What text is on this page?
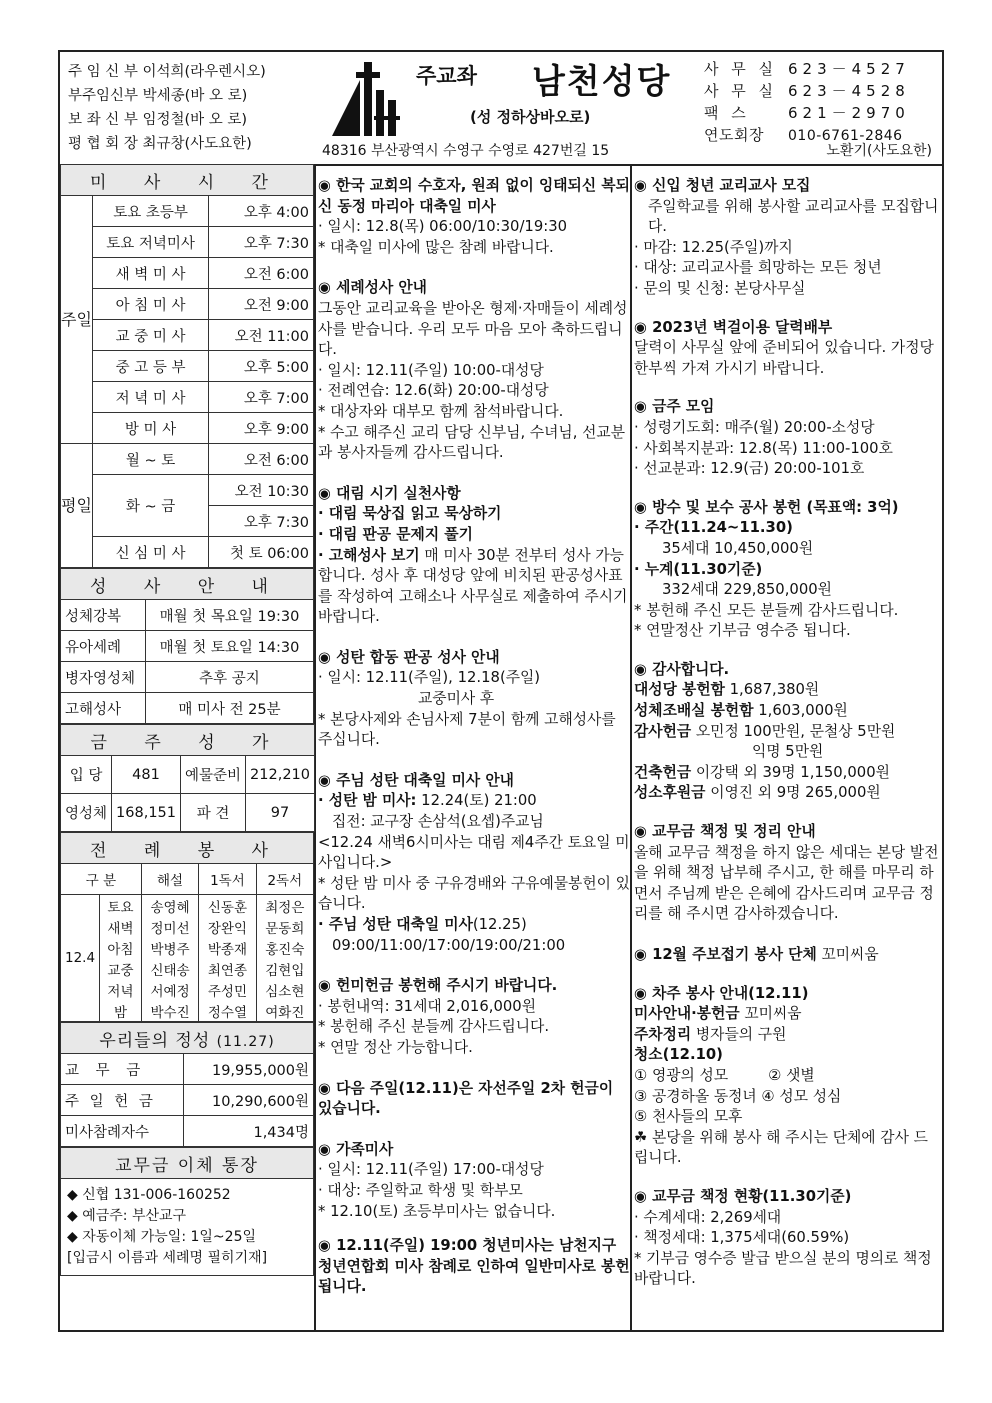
주 임 신 부 이석희(라우렌시오)
부주임신부 박세종(바 오 로)
보 좌 신 부 임정철(바 오 로)
평 협 회 장 최규창(사도요한)
주교좌 남천성당
(성 정하상바오로)
48316 부산광역시 수영구 수영로 427번길 15
사 무 실 623－4527
사 무 실 623－4528
팩 스	621－2970
연도회장 010-6761-2846
노환기(사도요한)
미 사 시 간		
주일	토요 초등부	오후 4:00
	토요 저녁미사	오후 7:30
	새 벽 미 사	오전 6:00
	아 침 미 사	오전 9:00
	교 중 미 사	오전 11:00
	중 고 등 부	오후 5:00
	저 녁 미 사	오후 7:00
	방 미 사	오후 9:00
평일	월 ~ 토	오전 6:00
	화 ~ 금	오전 10:30
		오후 7:30
	신 심 미 사	첫 토 06:00
성 사 안 내	
성체강복	매월 첫 목요일 19:30
유아세례	매월 첫 토요일 14:30
병자영성체	추후 공지
고해성사	매 미사 전 25분
금 주 성 가			
입 당	481	예물준비	212,210
영성체	168,151	파 견	97
전 례 봉 사				
구 분		해설	1독서	2독서
12.4	토요	송영혜	신동훈	최정은
	새벽	정미선	장완익	문동희
	아침	박병주	박종재	홍진숙
	교중	신태송	최연종	김현입
	저녁	서예정	주성민	심소현
	밤	박수진	정수열	여화진
우리들의 정성 (11.27)	
교 무 금	19,955,000원
주 일 헌 금	10,290,600원
미사참례자수	1,434명
교무금 이체 통장

◆ 신협 131-006-160252
◆ 예금주: 부산교구
◆ 자동이체 가능일: 1일~25일
[입금시 이름과 세례명 필히기재]
◉ 한국 교회의 수호자, 원죄 없이 잉태되신 복되신 동정 마리아 대축일 미사
· 일시: 12.8(목) 06:00/10:30/19:30
* 대축일 미사에 많은 참례 바랍니다.
◉ 세례성사 안내
그동안 교리교육을 받아온 형제·자매들이 세례성사를 받습니다. 우리 모두 마음 모아 축하드립니다.
· 일시: 12.11(주일) 10:00-대성당
· 전례연습: 12.6(화) 20:00-대성당
* 대상자와 대부모 함께 참석바랍니다.
* 수고 해주신 교리 담당 신부님, 수녀님, 선교분과 봉사자들께 감사드립니다.
◉ 대림 시기 실천사항
· 대림 묵상집 읽고 묵상하기
· 대림 판공 문제지 풀기
· 고해성사 보기 매 미사 30분 전부터 성사 가능합니다. 성사 후 대성당 앞에 비치된 판공성사표를 작성하여 고해소나 사무실로 제출하여 주시기 바랍니다.
◉ 성탄 합동 판공 성사 안내
· 일시: 12.11(주일), 12.18(주일)
교중미사 후
* 본당사제와 손님사제 7분이 함께 고해성사를 주십니다.
◉ 주님 성탄 대축일 미사 안내
· 성탄 밤 미사: 12.24(토) 21:00
집전: 교구장 손삼석(요셉)주교님
<12.24 새벽6시미사는 대림 제4주간 토요일 미사입니다.>
* 성탄 밤 미사 중 구유경배와 구유예물봉헌이 있습니다.
· 주님 성탄 대축일 미사(12.25)
09:00/11:00/17:00/19:00/21:00
◉ 헌미헌금 봉헌해 주시기 바랍니다.
· 봉헌내역: 31세대 2,016,000원
* 봉헌해 주신 분들께 감사드립니다.
* 연말 정산 가능합니다.
◉ 다음 주일(12.11)은 자선주일 2차 헌금이 있습니다.
◉ 가족미사
· 일시: 12.11(주일) 17:00-대성당
· 대상: 주일학교 학생 및 학부모
* 12.10(토) 초등부미사는 없습니다.
◉ 12.11(주일) 19:00 청년미사는 남천지구 청년연합회 미사 참례로 인하여 일반미사로 봉헌됩니다.
◉ 신입 청년 교리교사 모집
주일학교를 위해 봉사할 교리교사를 모집합니다.
· 마감: 12.25(주일)까지
· 대상: 교리교사를 희망하는 모든 청년
· 문의 및 신청: 본당사무실
◉ 2023년 벽걸이용 달력배부
달력이 사무실 앞에 준비되어 있습니다. 가정당 한부씩 가져 가시기 바랍니다.
◉ 금주 모임
· 성령기도회: 매주(월) 20:00-소성당
· 사회복지분과: 12.8(목) 11:00-100호
· 선교분과: 12.9(금) 20:00-101호
◉ 방수 및 보수 공사 봉헌 (목표액: 3억)
· 주간(11.24~11.30)
35세대 10,450,000원
· 누계(11.30기준)
332세대 229,850,000원
* 봉헌해 주신 모든 분들께 감사드립니다.
* 연말정산 기부금 영수증 됩니다.
◉ 감사합니다.
대성당 봉헌함 1,687,380원
성체조배실 봉헌함 1,603,000원
감사헌금 오민정 100만원, 문철상 5만원
익명 5만원
건축헌금 이강택 외 39명 1,150,000원
성소후원금 이영진 외 9명 265,000원
◉ 교무금 책정 및 정리 안내
올해 교무금 책정을 하지 않은 세대는 본당 발전을 위해 책정 납부해 주시고, 한 해를 마무리 하면서 주님께 받은 은혜에 감사드리며 교무금 정리를 해 주시면 감사하겠습니다.
◉ 12월 주보접기 봉사 단체 꼬미씨움
◉ 차주 봉사 안내(12.11)
미사안내·봉헌금 꼬미씨움
주차정리 병자들의 구원
청소(12.10)
① 영광의 성모	② 샛별
③ 공경하올 동정녀 ④ 성모 성심
⑤ 천사들의 모후
☘ 본당을 위해 봉사 해 주시는 단체에 감사 드립니다.
◉ 교무금 책정 현황(11.30기준)
· 수계세대: 2,269세대
· 책정세대: 1,375세대(60.59%)
* 기부금 영수증 발급 받으실 분의 명의로 책정 바랍니다.
